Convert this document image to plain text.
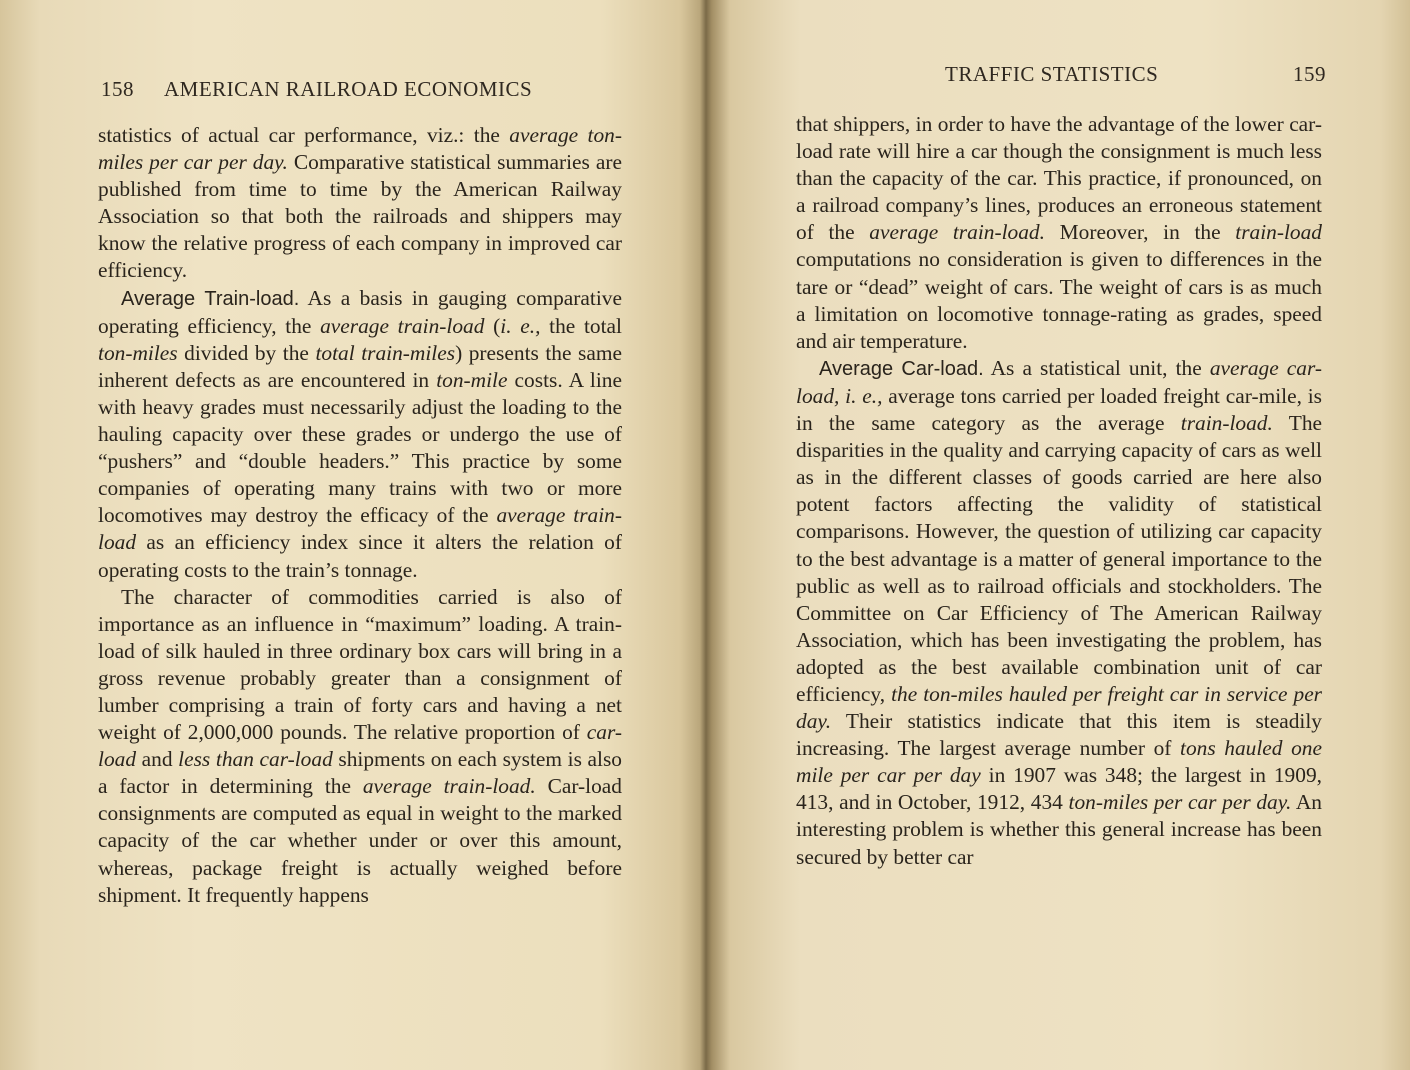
158 AMERICAN RAILROAD ECONOMICS

statistics of actual car performance, viz.: the average ton-miles per car per day. Comparative statistical summaries are published from time to time by the American Railway Association so that both the railroads and shippers may know the relative progress of each company in improved car efficiency.

Average Train-load. As a basis in gauging comparative operating efficiency, the average train-load (i. e., the total ton-miles divided by the total train-miles) presents the same inherent defects as are encountered in ton-mile costs. A line with heavy grades must necessarily adjust the loading to the hauling capacity over these grades or undergo the use of “pushers” and “double headers.” This practice by some companies of operating many trains with two or more locomotives may destroy the efficacy of the average train-load as an efficiency index since it alters the relation of operating costs to the train’s tonnage.

The character of commodities carried is also of importance as an influence in “maximum” loading. A train-load of silk hauled in three ordinary box cars will bring in a gross revenue probably greater than a consignment of lumber comprising a train of forty cars and having a net weight of 2,000,000 pounds. The relative proportion of car-load and less than car-load shipments on each system is also a factor in determining the average train-load. Car-load consignments are computed as equal in weight to the marked capacity of the car whether under or over this amount, whereas, package freight is actually weighed before shipment. It frequently happens

TRAFFIC STATISTICS	159

that shippers, in order to have the advantage of the lower car-load rate will hire a car though the consignment is much less than the capacity of the car. This practice, if pronounced, on a railroad company’s lines, produces an erroneous statement of the average train-load. Moreover, in the train-load computations no consideration is given to differences in the tare or “dead” weight of cars. The weight of cars is as much a limitation on locomotive tonnage-rating as grades, speed and air temperature.

Average Car-load. As a statistical unit, the average car-load, i. e., average tons carried per loaded freight car-mile, is in the same category as the average train-load. The disparities in the quality and carrying capacity of cars as well as in the different classes of goods carried are here also potent factors affecting the validity of statistical comparisons. However, the question of utilizing car capacity to the best advantage is a matter of general importance to the public as well as to railroad officials and stockholders. The Committee on Car Efficiency of The American Railway Association, which has been investigating the problem, has adopted as the best available combination unit of car efficiency, the ton-miles hauled per freight car in service per day. Their statistics indicate that this item is steadily increasing. The largest average number of tons hauled one mile per car per day in 1907 was 348; the largest in 1909, 413, and in October, 1912, 434 ton-miles per car per day. An interesting problem is whether this general increase has been secured by better car
